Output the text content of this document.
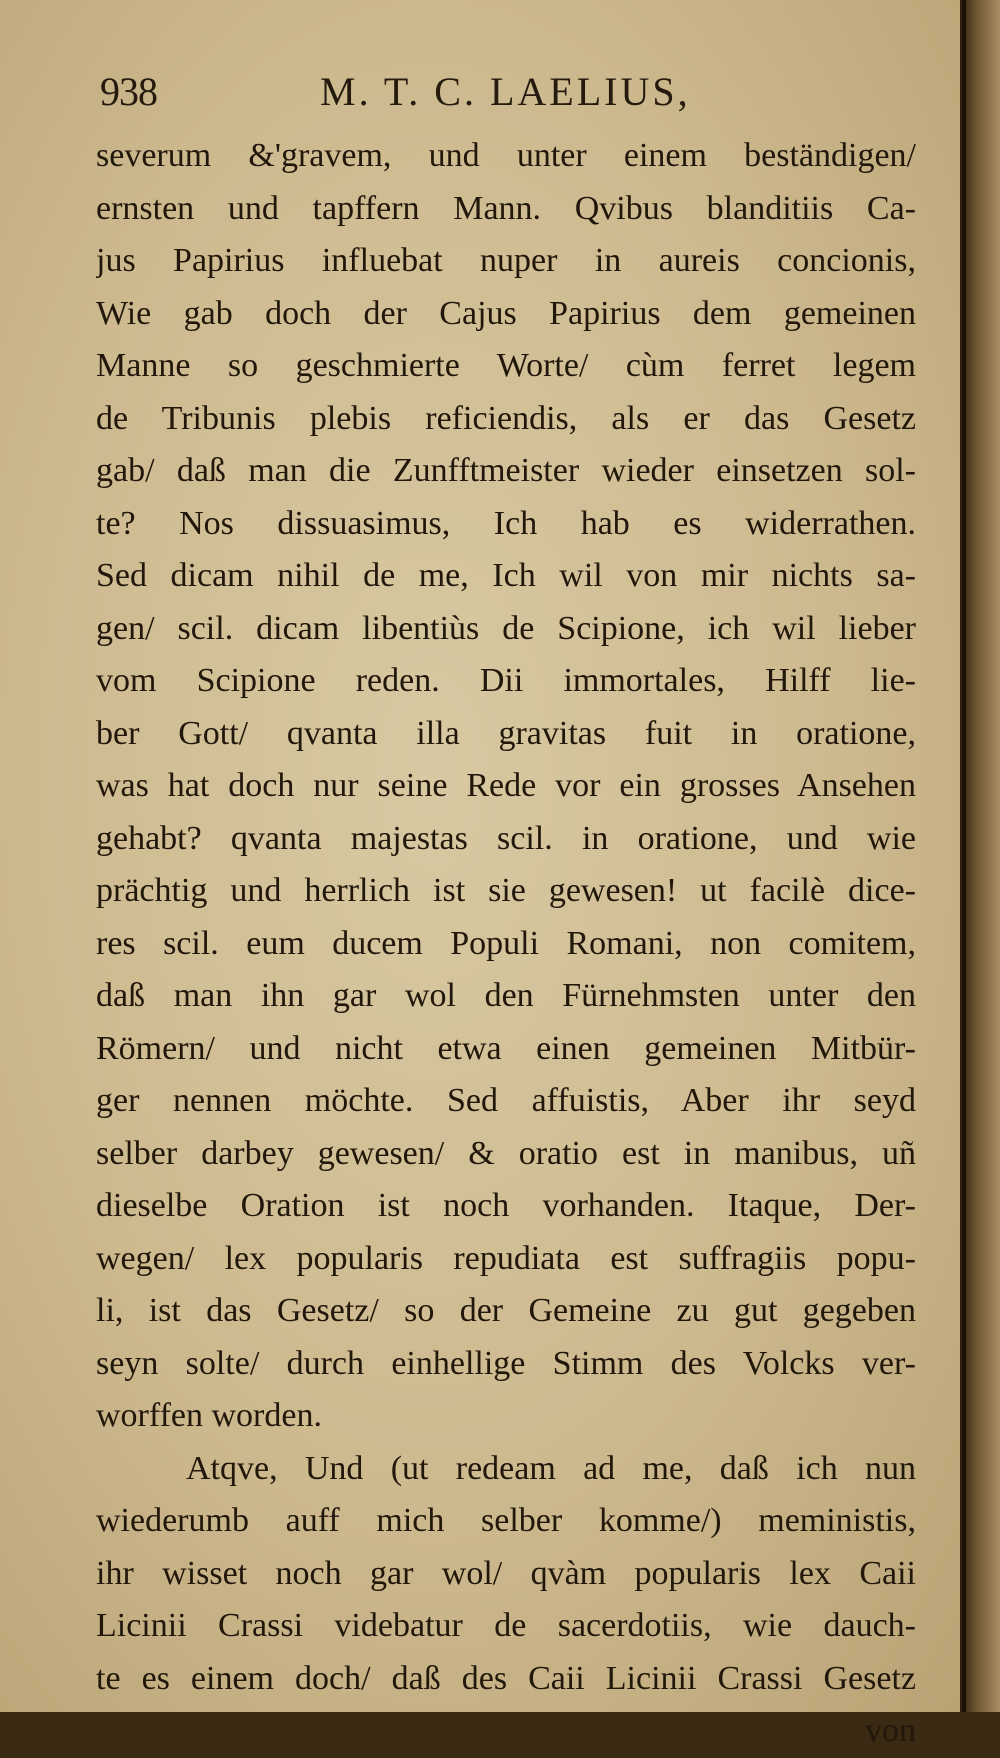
938	M. T. C. LAELIUS,
severum &'gravem, und unter einem beständigen/
ernsten und tapffern Mann. Qvibus blanditiis Ca-
jus Papirius influebat nuper in aureis concionis,
Wie gab doch der Cajus Papirius dem gemeinen
Manne so geschmierte Worte/ cùm ferret legem
de Tribunis plebis reficiendis, als er das Gesetz
gab/ daß man die Zunfftmeister wieder einsetzen sol-
te? Nos dissuasimus, Ich hab es widerrathen.
Sed dicam nihil de me, Ich wil von mir nichts sa-
gen/ scil. dicam libentiùs de Scipione, ich wil lieber
vom Scipione reden. Dii immortales, Hilff lie-
ber Gott/ qvanta illa gravitas fuit in oratione,
was hat doch nur seine Rede vor ein grosses Ansehen
gehabt? qvanta majestas scil. in oratione, und wie
prächtig und herrlich ist sie gewesen! ut facilè dice-
res scil. eum ducem Populi Romani, non comitem,
daß man ihn gar wol den Fürnehmsten unter den
Römern/ und nicht etwa einen gemeinen Mitbür-
ger nennen möchte. Sed affuistis, Aber ihr seyd
selber darbey gewesen/ & oratio est in manibus, uñ
dieselbe Oration ist noch vorhanden. Itaque, Der-
wegen/ lex popularis repudiata est suffragiis popu-
li, ist das Gesetz/ so der Gemeine zu gut gegeben
seyn solte/ durch einhellige Stimm des Volcks ver-
worffen worden.
Atqve, Und (ut redeam ad me, daß ich nun
wiederumb auff mich selber komme/) meministis,
ihr wisset noch gar wol/ qvàm popularis lex Caii
Licinii Crassi videbatur de sacerdotiis, wie dauch-
te es einem doch/ daß des Caii Licinii Crassi Gesetz
von
